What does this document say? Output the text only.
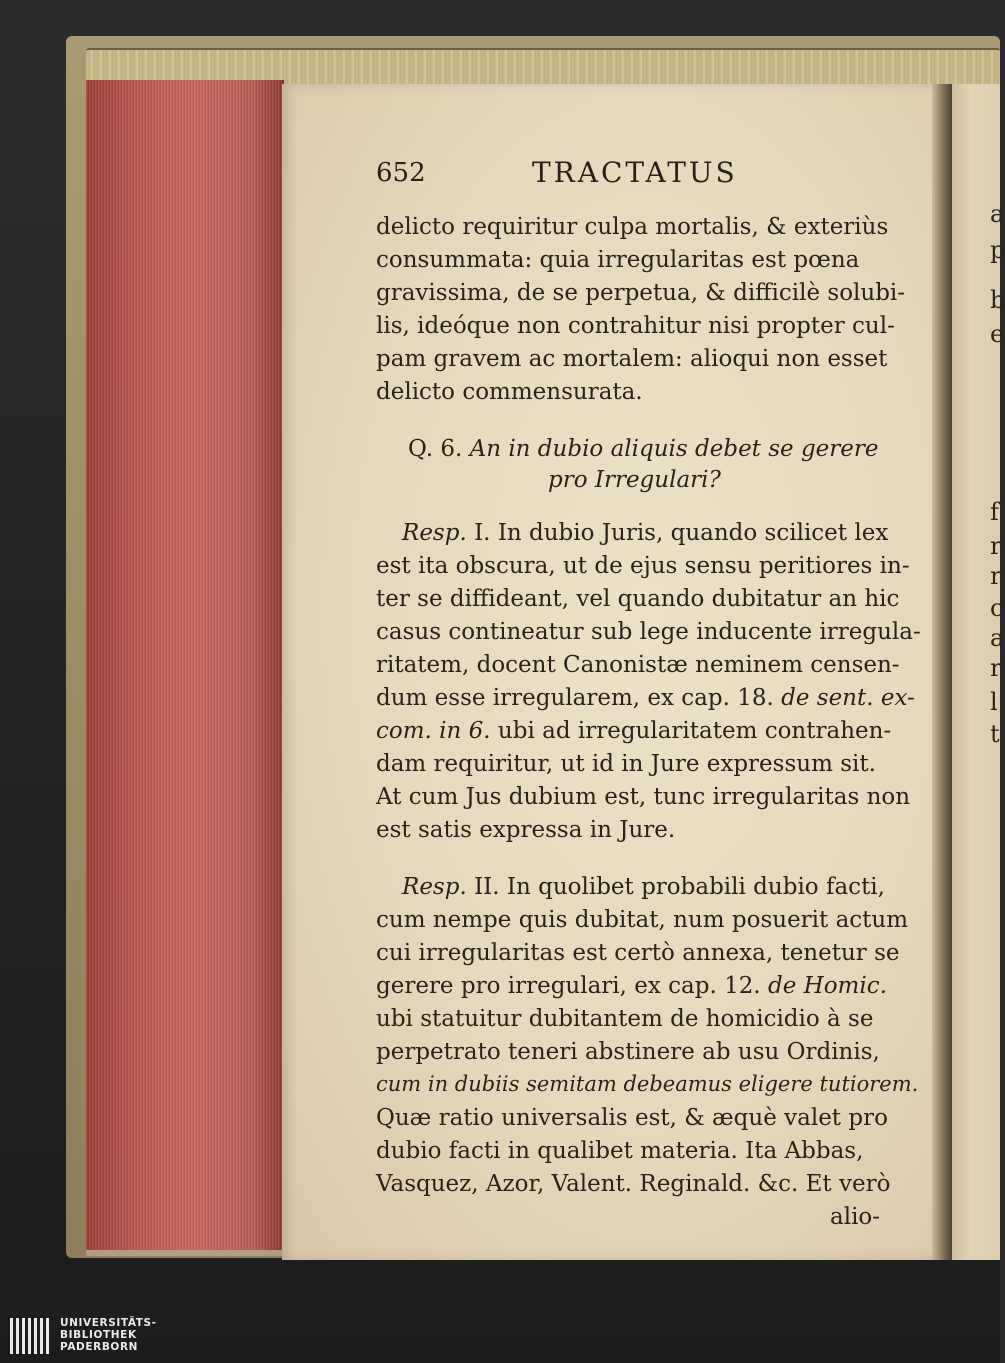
a
p
b
e
f
r
r
c
a
r
l
t
652	TRACTATUS
delicto requiritur culpa mortalis, & exteriùs
consummata: quia irregularitas est pœna
gravissima, de se perpetua, & difficilè solubi-
lis, ideóque non contrahitur nisi propter cul-
pam gravem ac mortalem: alioqui non esset
delicto commensurata.
Q. 6. An in dubio aliquis debet se gerere
pro Irregulari?
Resp. I. In dubio Juris, quando scilicet lex
est ita obscura, ut de ejus sensu peritiores in-
ter se diffideant, vel quando dubitatur an hic
casus contineatur sub lege inducente irregula-
ritatem, docent Canonistæ neminem censen-
dum esse irregularem, ex cap. 18. de sent. ex-
com. in 6. ubi ad irregularitatem contrahen-
dam requiritur, ut id in Jure expressum sit.
At cum Jus dubium est, tunc irregularitas non
est satis expressa in Jure.
Resp. II. In quolibet probabili dubio facti,
cum nempe quis dubitat, num posuerit actum
cui irregularitas est certò annexa, tenetur se
gerere pro irregulari, ex cap. 12. de Homic.
ubi statuitur dubitantem de homicidio à se
perpetrato teneri abstinere ab usu Ordinis,
cum in dubiis semitam debeamus eligere tutiorem.
Quæ ratio universalis est, & æquè valet pro
dubio facti in qualibet materia. Ita Abbas,
Vasquez, Azor, Valent. Reginald. &c. Et verò
alio-
UNIVERSITÄTS-
BIBLIOTHEK
PADERBORN
